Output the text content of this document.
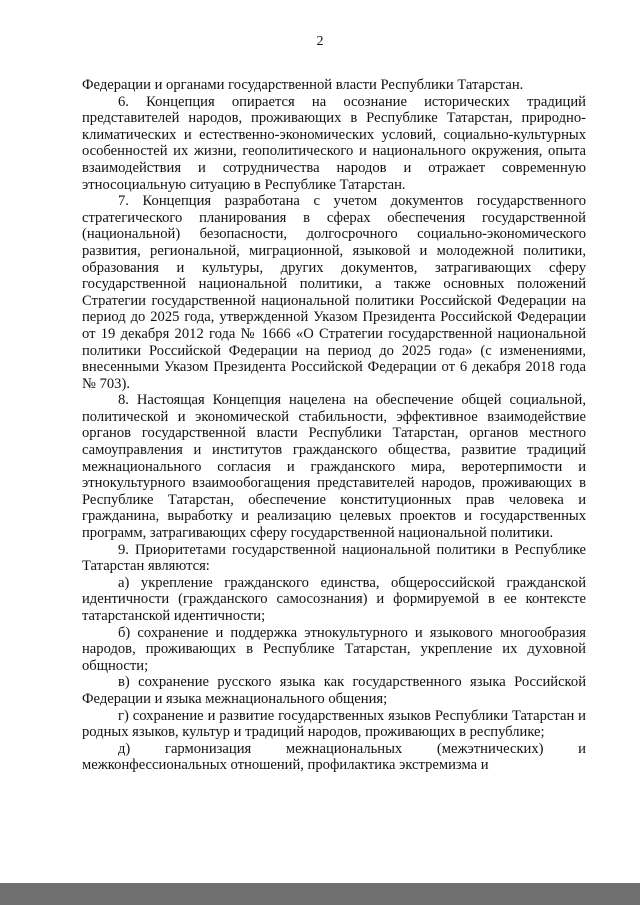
2

Федерации и органами государственной власти Республики Татарстан.

6. Концепция опирается на осознание исторических традиций представителей народов, проживающих в Республике Татарстан, природно-климатических и естественно-экономических условий, социально-культурных особенностей их жизни, геополитического и национального окружения, опыта взаимодействия и сотрудничества народов и отражает современную этносоциальную ситуацию в Республике Татарстан.

7. Концепция разработана с учетом документов государственного стратегического планирования в сферах обеспечения государственной (национальной) безопасности, долгосрочного социально-экономического развития, региональной, миграционной, языковой и молодежной политики, образования и культуры, других документов, затрагивающих сферу государственной национальной политики, а также основных положений Стратегии государственной национальной политики Российской Федерации на период до 2025 года, утвержденной Указом Президента Российской Федерации от 19 декабря 2012 года № 1666 «О Стратегии государственной национальной политики Российской Федерации на период до 2025 года» (с изменениями, внесенными Указом Президента Российской Федерации от 6 декабря 2018 года № 703).

8. Настоящая Концепция нацелена на обеспечение общей социальной, политической и экономической стабильности, эффективное взаимодействие органов государственной власти Республики Татарстан, органов местного самоуправления и институтов гражданского общества, развитие традиций межнационального согласия и гражданского мира, веротерпимости и этнокультурного взаимообогащения представителей народов, проживающих в Республике Татарстан, обеспечение конституционных прав человека и гражданина, выработку и реализацию целевых проектов и государственных программ, затрагивающих сферу государственной национальной политики.

9. Приоритетами государственной национальной политики в Республике Татарстан являются:

а) укрепление гражданского единства, общероссийской гражданской идентичности (гражданского самосознания) и формируемой в ее контексте татарстанской идентичности;

б) сохранение и поддержка этнокультурного и языкового многообразия народов, проживающих в Республике Татарстан, укрепление их духовной общности;

в) сохранение русского языка как государственного языка Российской Федерации и языка межнационального общения;

г) сохранение и развитие государственных языков Республики Татарстан и родных языков, культур и традиций народов, проживающих в республике;

д) гармонизация межнациональных (межэтнических) и межконфессиональных отношений, профилактика экстремизма и
